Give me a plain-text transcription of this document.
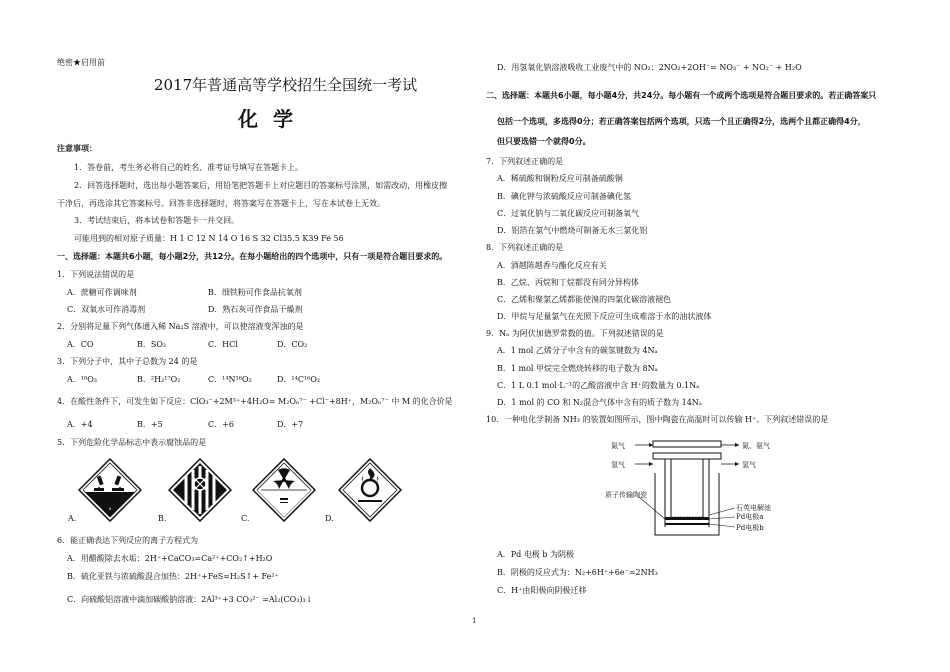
绝密★启用前
2017年普通高等学校招生全国统一考试
化 学
注意事项：
1．答卷前，考生务必将自己的姓名、准考证号填写在答题卡上。
2．回答选择题时，选出每小题答案后，用铅笔把答题卡上对应题目的答案标号涂黑，如需改动，用橡皮擦
干净后，再选涂其它答案标号。回答非选择题时，将答案写在答题卡上，写在本试卷上无效。
3．考试结束后，将本试卷和答题卡一并交回。
可能用到的相对原子质量：H 1 C 12 N 14 O 16 S 32 Cl35.5 K39 Fe 56
一、选择题：本题共6小题，每小题2分，共12分。在每小题给出的四个选项中，只有一项是符合题目要求的。
1．下列说法错误的是
A．蔗糖可作调味剂	B．细铁粉可作食品抗氧剂
C．双氧水可作消毒剂	D．熟石灰可作食品干燥剂
2．分别将足量下列气体通入稀 Na₂S 溶液中，可以使溶液变浑浊的是
A．CO	B．SO₂	C．HCl	D．CO₂
3．下列分子中，其中子总数为 24 的是
A．¹⁸O₃	B．²H₂¹⁷O₂	C．¹⁴N¹⁶O₂	D．¹⁴C¹⁶O₂
4．在酸性条件下，可发生如下反应：ClO₃⁻+2M³⁺+4H₂O= M₂Oₙ⁷⁻ +Cl⁻+8H⁺，M₂Oₙ⁷⁻ 中 M 的化合价是
A．+4	B．+5	C．+6	D．+7
5．下列危险化学品标志中表示腐蚀品的是
8
A.	B.	C.	D.
6．能正确表达下列反应的离子方程式为
A．用醋酸除去水垢：2H⁺+CaCO₃=Ca²⁺+CO₂↑+H₂O
B．硫化亚铁与浓硫酸混合加热：2H⁺+FeS=H₂S↑+ Fe²⁺
C．向硫酸铝溶液中滴加碳酸钠溶液：2Al³⁺+3 CO₃²⁻ =Al₂(CO₃)₃↓
D．用氢氧化钠溶液吸收工业废气中的 NO₂：2NO₂+2OH⁻= NO₃⁻ + NO₂⁻ + H₂O
二、选择题：本题共6小题，每小题4分，共24分。每小题有一个或两个选项是符合题目要求的。若正确答案只
包括一个选项，多选得0分；若正确答案包括两个选项，只选一个且正确得2分，选两个且都正确得4分，
但只要选错一个就得0分。
7．下列叙述正确的是
A．稀硫酸和铜粉反应可制备硫酸铜
B．碘化钾与浓硫酸反应可制备碘化氢
C．过氧化钠与二氧化碳反应可制备氧气
D．铝箔在氯气中燃烧可制备无水三氯化铝
8．下列叙述正确的是
A．酒越陈越香与酯化反应有关
B．乙烷、丙烷和丁烷都没有同分异构体
C．乙烯和聚氯乙烯都能使溴的四氯化碳溶液褪色
D．甲烷与足量氯气在光照下反应可生成难溶于水的油状液体
9．Nₐ 为阿伏加德罗常数的值。下列叙述错误的是
A．1 mol 乙烯分子中含有的碳氢键数为 4Nₐ
B．1 mol 甲烷完全燃烧转移的电子数为 8Nₐ
C．1 L 0.1 mol·L⁻¹的乙酸溶液中含 H⁺的数量为 0.1Nₐ
D．1 mol 的 CO 和 N₂混合气体中含有的质子数为 14Nₐ
10．一种电化学制备 NH₃ 的装置如图所示，图中陶瓷在高温时可以传输 H⁺。下列叙述错误的是
氮气
氢气
氮、氨气
氢气
质子传输陶瓷
石英电解池
Pd电极a
Pd电极b
A．Pd 电极 b 为阴极
B．阴极的反应式为：N₂+6H⁺+6e⁻=2NH₃
C．H⁺由阳极向阴极迁移
1
